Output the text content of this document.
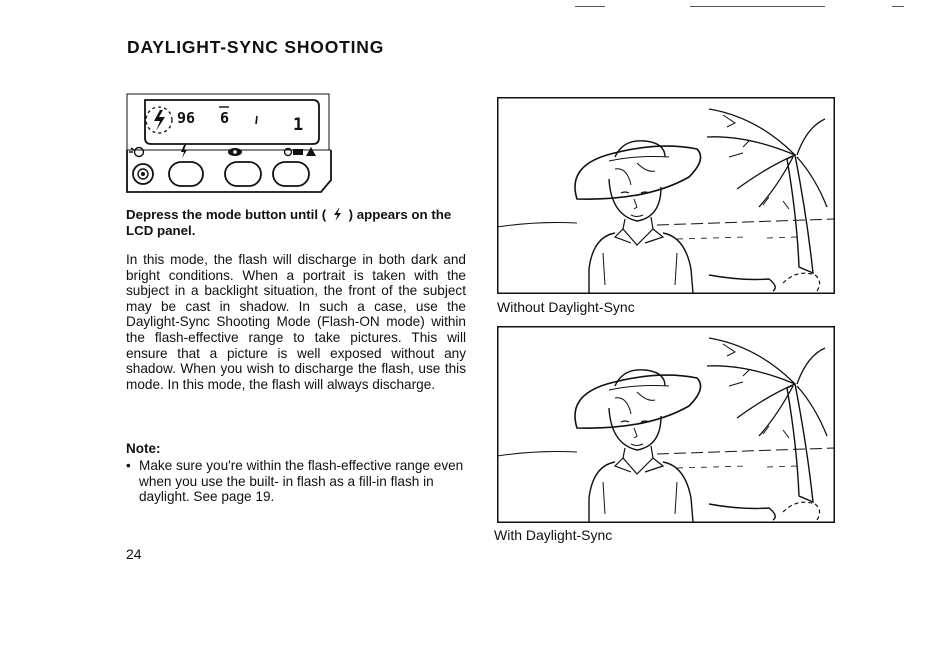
DAYLIGHT-SYNC SHOOTING
96 6	1

Depress the mode button until ( ) appears on the LCD panel.

In this mode, the flash will discharge in both dark and bright conditions. When a portrait is taken with the subject in a backlight situation, the front of the subject may be cast in shadow. In such a case, use the Daylight-Sync Shooting Mode (Flash-ON mode) within the flash-effective range to take pictures. This will ensure that a picture is well exposed without any shadow. When you wish to discharge the flash, use this mode. In this mode, the flash will always discharge.

Note:

• Make sure you're within the flash-effective range even when you use the built- in flash as a fill-in flash in daylight. See page 19.

24

Without Daylight-Sync

With Daylight-Sync
